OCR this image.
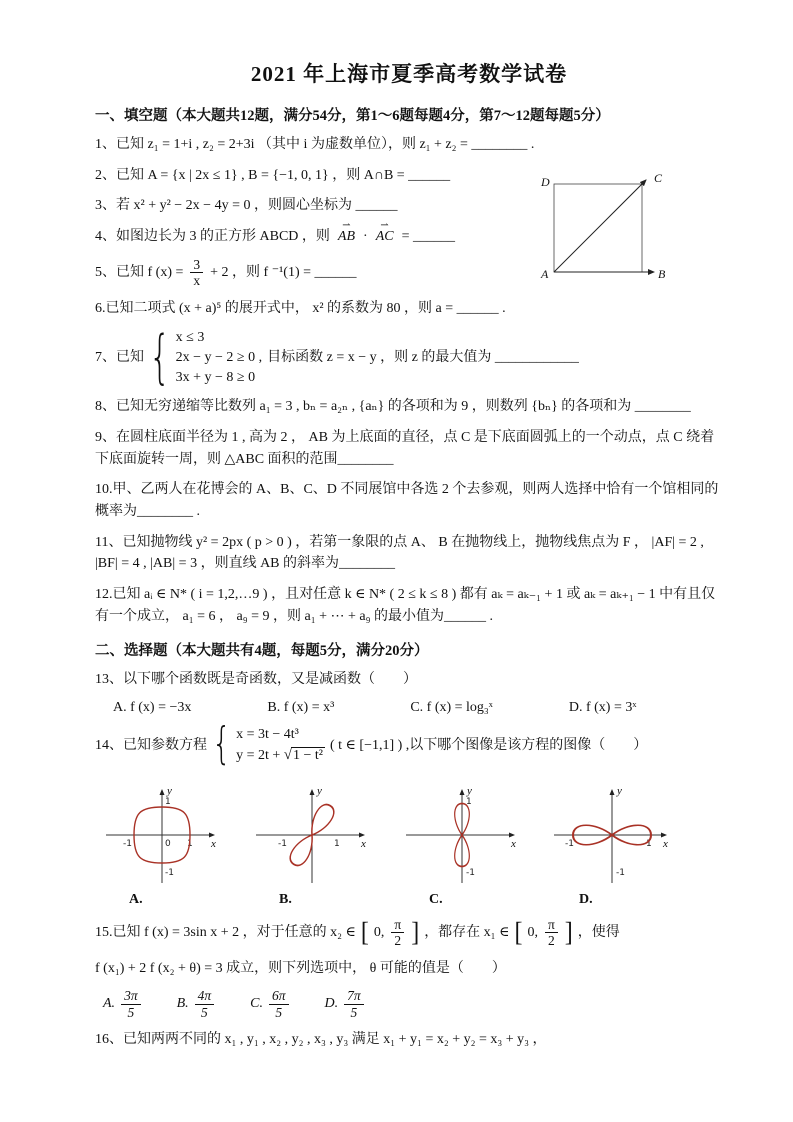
2021 年上海市夏季高考数学试卷
一、填空题（本大题共12题，满分54分，第1～6题每题4分，第7～12题每题5分）

1、已知 z₁ = 1+i , z₂ = 2+3i （其中 i 为虚数单位），则 z₁ + z₂ = ________ .

2、已知 A = {x | 2x ≤ 1} , B = {−1, 0, 1} ，则 A∩B = ______

3、若 x² + y² − 2x − 4y = 0 ，则圆心坐标为 ______

4、如图边长为 3 的正方形 ABCD ，则 AB ⇀ · AC ⇀ = ______

5、已知 f $(x) = \frac{3}{x} + 2$ ，则 f ⁻¹(1) = ______

6.已知二项式 (x + a)⁵ 的展开式中， x² 的系数为 80 ，则 a = ______ .

7、已知 { x ≤ 3
2x − y − 2 ≥ 0 ,
3x + y − 8 ≥ 0
目标函数 z = x − y ，则 z 的最大值为 ____________

8、已知无穷递缩等比数列 a₁ = 3 , bₙ = a₂ₙ , {aₙ} 的各项和为 9 ，则数列 {bₙ} 的各项和为 ________

9、在圆柱底面半径为 1 , 高为 2 ， AB 为上底面的直径，点 C 是下底面圆弧上的一个动点，点 C 绕着下底面旋转一周，则 △ABC 面积的范围________

10.甲、乙两人在花博会的 A、B、C、D 不同展馆中各选 2 个去参观，则两人选择中恰有一个馆相同的概率为________ .

11、已知抛物线 y² = 2px ( p > 0 ) ，若第一象限的点 A、 B 在抛物线上，抛物线焦点为 F ， |AF| = 2 , |BF| = 4 , |AB| = 3 ，则直线 AB 的斜率为________

12.已知 aᵢ ∈ N* ( i = 1,2,…9 ) ，且对任意 k ∈ N* ( 2 ≤ k ≤ 8 ) 都有 aₖ = aₖ₋₁ + 1 或 aₖ = aₖ₊₁ − 1 中有且仅有一个成立， a₁ = 6 ， a₉ = 9 ，则 a₁ + ⋯ + a₉ 的最小值为______ .

二、选择题（本大题共有4题，每题5分，满分20分）

13、以下哪个函数既是奇函数，又是减函数（　　）

A. f (x) = −3x	B. f (x) = x³	C. f (x) = log₃ˣ	D. f (x) = 3ˣ
14、已知参数方程 { x = 3t − 4t³
y = 2t + √1 − t²
( t ∈ [−1,1] ) ,以下哪个图像是该方程的图像（　　）
x
y
1
-1
1
0
-1
A.
x
y
1
-1
B.
x
y
1
-1
C.
x
y
1
-1
-1
D.
15.已知 f (x) = 3sin x + 2 ，对于任意的 x₂ ∈ [ 0, $\frac{\pi}{2}$ ] ，都存在 x₁ ∈ [ 0, $\frac{\pi}{2}$ ] ，使得

f (x₁) + 2 f (x₂ + θ) = 3 成立，则下列选项中， θ 可能的值是（　　）

A. $\frac{3\pi}{5}$	B. $\frac{4\pi}{5}$	C. $\frac{6\pi}{5}$	D. $\frac{7\pi}{5}$

16、已知两两不同的 x₁ , y₁ , x₂ , y₂ , x₃ , y₃ 满足 x₁ + y₁ = x₂ + y₂ = x₃ + y₃ ，

D	C
A	B
